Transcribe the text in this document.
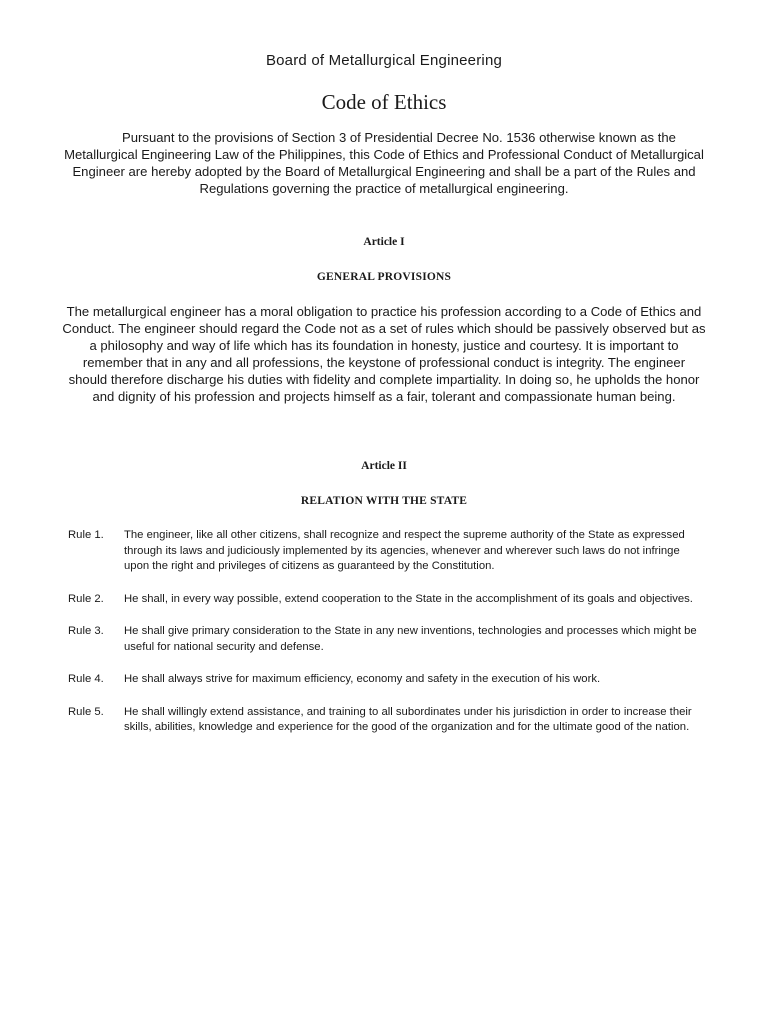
Board of Metallurgical Engineering
Code of Ethics
Pursuant to the provisions of Section 3 of Presidential Decree No. 1536 otherwise known as the Metallurgical Engineering Law of the Philippines, this Code of Ethics and Professional Conduct of Metallurgical Engineer are hereby adopted by the Board of Metallurgical Engineering and shall be a part of the Rules and Regulations governing the practice of metallurgical engineering.
Article I
GENERAL PROVISIONS
The metallurgical engineer has a moral obligation to practice his profession according to a Code of Ethics and Conduct. The engineer should regard the Code not as a set of rules which should be passively observed but as a philosophy and way of life which has its foundation in honesty, justice and courtesy. It is important to remember that in any and all professions, the keystone of professional conduct is integrity. The engineer should therefore discharge his duties with fidelity and complete impartiality. In doing so, he upholds the honor and dignity of his profession and projects himself as a fair, tolerant and compassionate human being.
Article II
RELATION WITH THE STATE
Rule 1.	The engineer, like all other citizens, shall recognize and respect the supreme authority of the State as expressed through its laws and judiciously implemented by its agencies, whenever and wherever such laws do not infringe upon the right and privileges of citizens as guaranteed by the Constitution.
Rule 2.	He shall, in every way possible, extend cooperation to the State in the accomplishment of its goals and objectives.
Rule 3.	He shall give primary consideration to the State in any new inventions, technologies and processes which might be useful for national security and defense.
Rule 4.	He shall always strive for maximum efficiency, economy and safety in the execution of his work.
Rule 5.	He shall willingly extend assistance, and training to all subordinates under his jurisdiction in order to increase their skills, abilities, knowledge and experience for the good of the organization and for the ultimate good of the nation.
